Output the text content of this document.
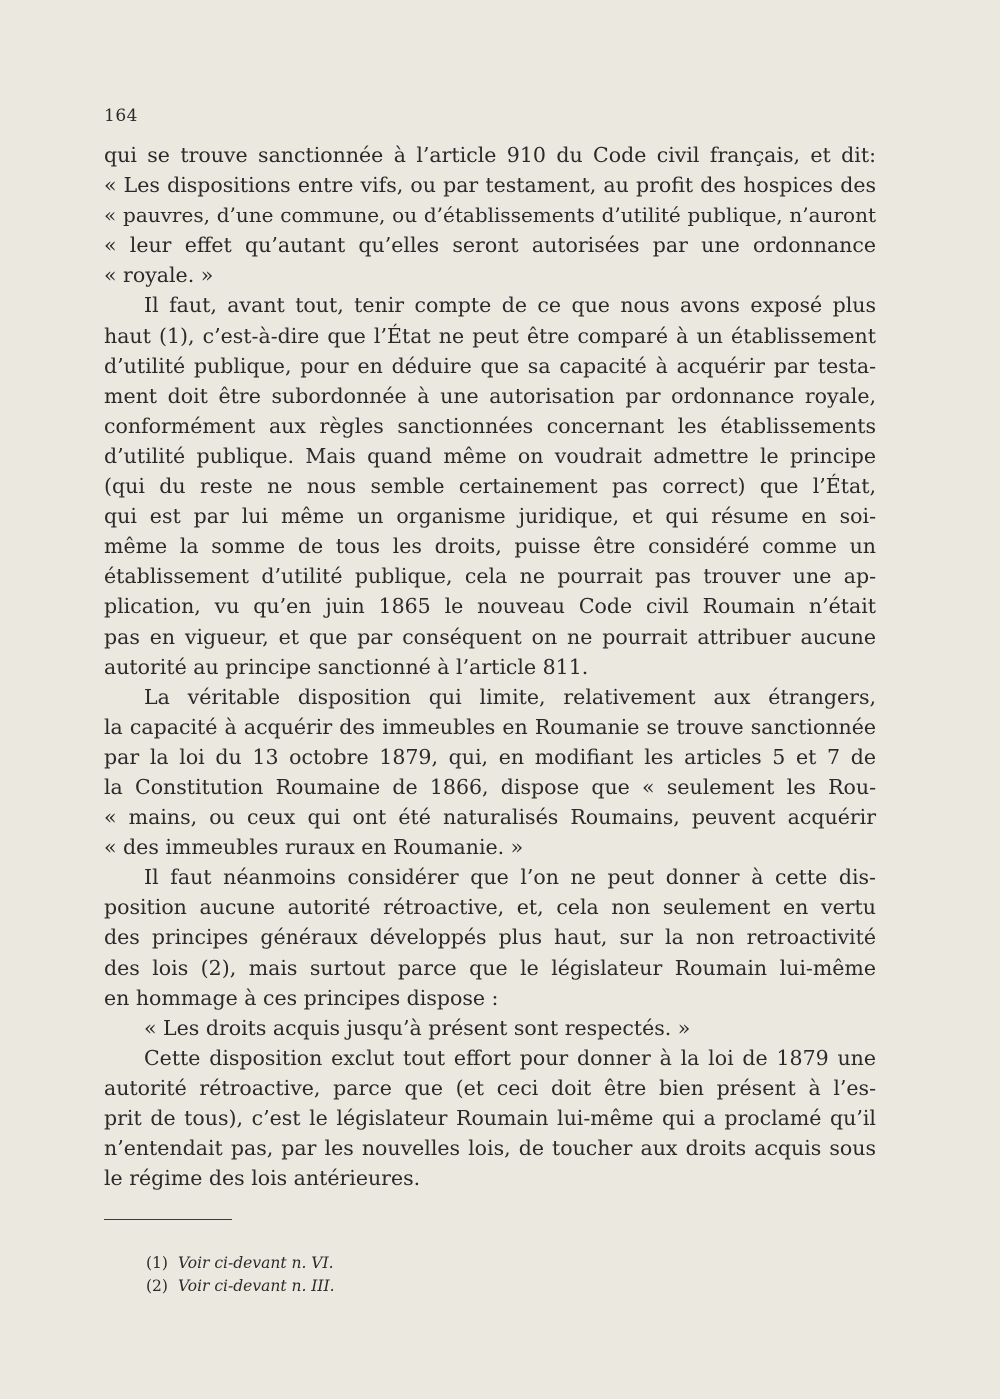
164
qui se trouve sanctionnée à l’article 910 du Code civil français, et dit:
« Les dispositions entre vifs, ou par testament, au profit des hospices des
« pauvres, d’une commune, ou d’établissements d’utilité publique, n’auront
« leur effet qu’autant qu’elles seront autorisées par une ordonnance
« royale. »
Il faut, avant tout, tenir compte de ce que nous avons exposé plus
haut (1), c’est-à-dire que l’État ne peut être comparé à un établissement
d’utilité publique, pour en déduire que sa capacité à acquérir par testa-
ment doit être subordonnée à une autorisation par ordonnance royale,
conformément aux règles sanctionnées concernant les établissements
d’utilité publique. Mais quand même on voudrait admettre le principe
(qui du reste ne nous semble certainement pas correct) que l’État,
qui est par lui même un organisme juridique, et qui résume en soi-
même la somme de tous les droits, puisse être considéré comme un
établissement d’utilité publique, cela ne pourrait pas trouver une ap-
plication, vu qu’en juin 1865 le nouveau Code civil Roumain n’était
pas en vigueur, et que par conséquent on ne pourrait attribuer aucune
autorité au principe sanctionné à l’article 811.
La véritable disposition qui limite, relativement aux étrangers,
la capacité à acquérir des immeubles en Roumanie se trouve sanctionnée
par la loi du 13 octobre 1879, qui, en modifiant les articles 5 et 7 de
la Constitution Roumaine de 1866, dispose que « seulement les Rou-
« mains, ou ceux qui ont été naturalisés Roumains, peuvent acquérir
« des immeubles ruraux en Roumanie. »
Il faut néanmoins considérer que l’on ne peut donner à cette dis-
position aucune autorité rétroactive, et, cela non seulement en vertu
des principes généraux développés plus haut, sur la non retroactivité
des lois (2), mais surtout parce que le législateur Roumain lui-même
en hommage à ces principes dispose :
« Les droits acquis jusqu’à présent sont respectés. »
Cette disposition exclut tout effort pour donner à la loi de 1879 une
autorité rétroactive, parce que (et ceci doit être bien présent à l’es-
prit de tous), c’est le législateur Roumain lui-même qui a proclamé qu’il
n’entendait pas, par les nouvelles lois, de toucher aux droits acquis sous
le régime des lois antérieures.
(1) Voir ci-devant n. VI.
(2) Voir ci-devant n. III.
